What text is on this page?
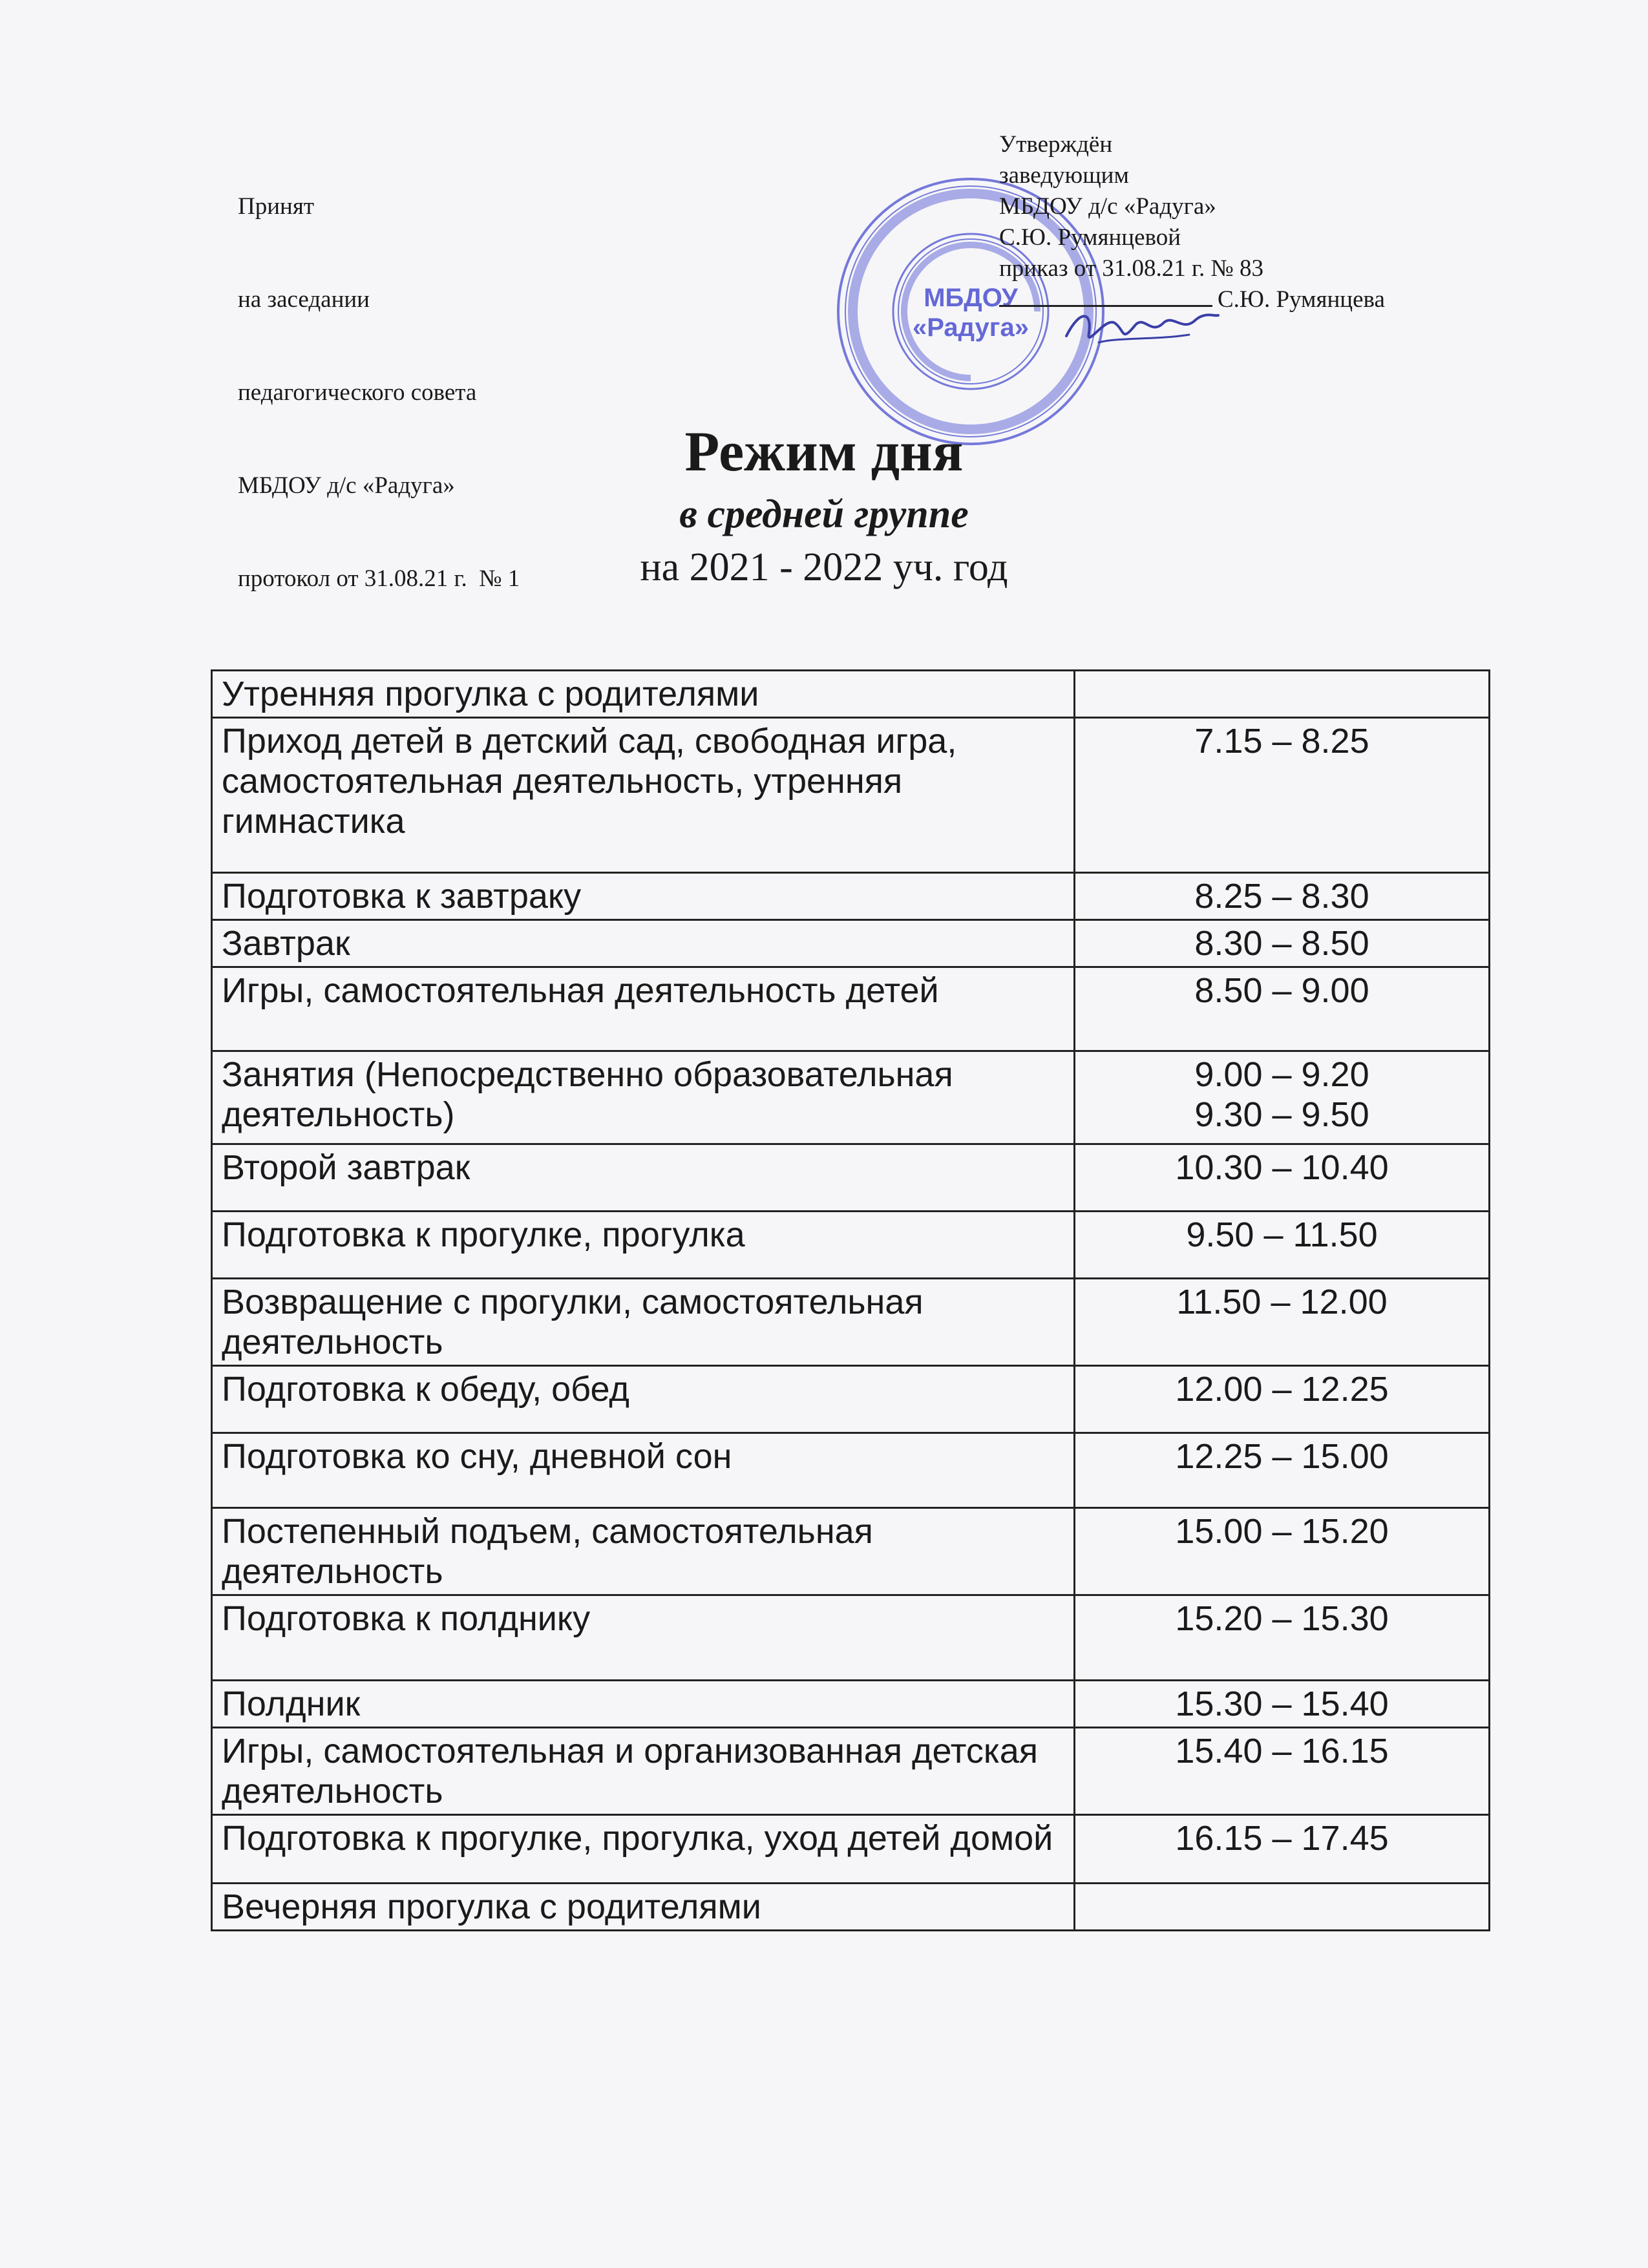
Принят

на заседании

педагогического совета

МБДОУ д/с «Радуга»

протокол от 31.08.21 г.  № 1

МБДОУ
«Радуга»
Утверждён
заведующим
МБДОУ д/с «Радуга»
С.Ю. Румянцевой
приказ от 31.08.21 г. № 83
С.Ю. Румянцева
Режим дня
в средней группе
на 2021 - 2022 уч. год
Утренняя прогулка с родителями	
Приход детей в детский сад, свободная игра, самостоятельная деятельность, утренняя гимнастика	7.15 – 8.25
Подготовка к завтраку	8.25 – 8.30
Завтрак	8.30 – 8.50
Игры, самостоятельная деятельность детей	8.50 – 9.00
Занятия (Непосредственно образовательная деятельность)	9.00 – 9.20
9.30 – 9.50
Второй завтрак	10.30 – 10.40
Подготовка к прогулке, прогулка	9.50 – 11.50
Возвращение с прогулки, самостоятельная деятельность	11.50 – 12.00
Подготовка к обеду, обед	12.00 – 12.25
Подготовка ко сну, дневной сон	12.25 – 15.00
Постепенный подъем, самостоятельная деятельность	15.00 – 15.20
Подготовка к полднику	15.20 – 15.30
Полдник	15.30 – 15.40
Игры, самостоятельная и организованная детская деятельность	15.40 – 16.15
Подготовка к прогулке, прогулка, уход детей домой	16.15 – 17.45
Вечерняя прогулка с родителями	
